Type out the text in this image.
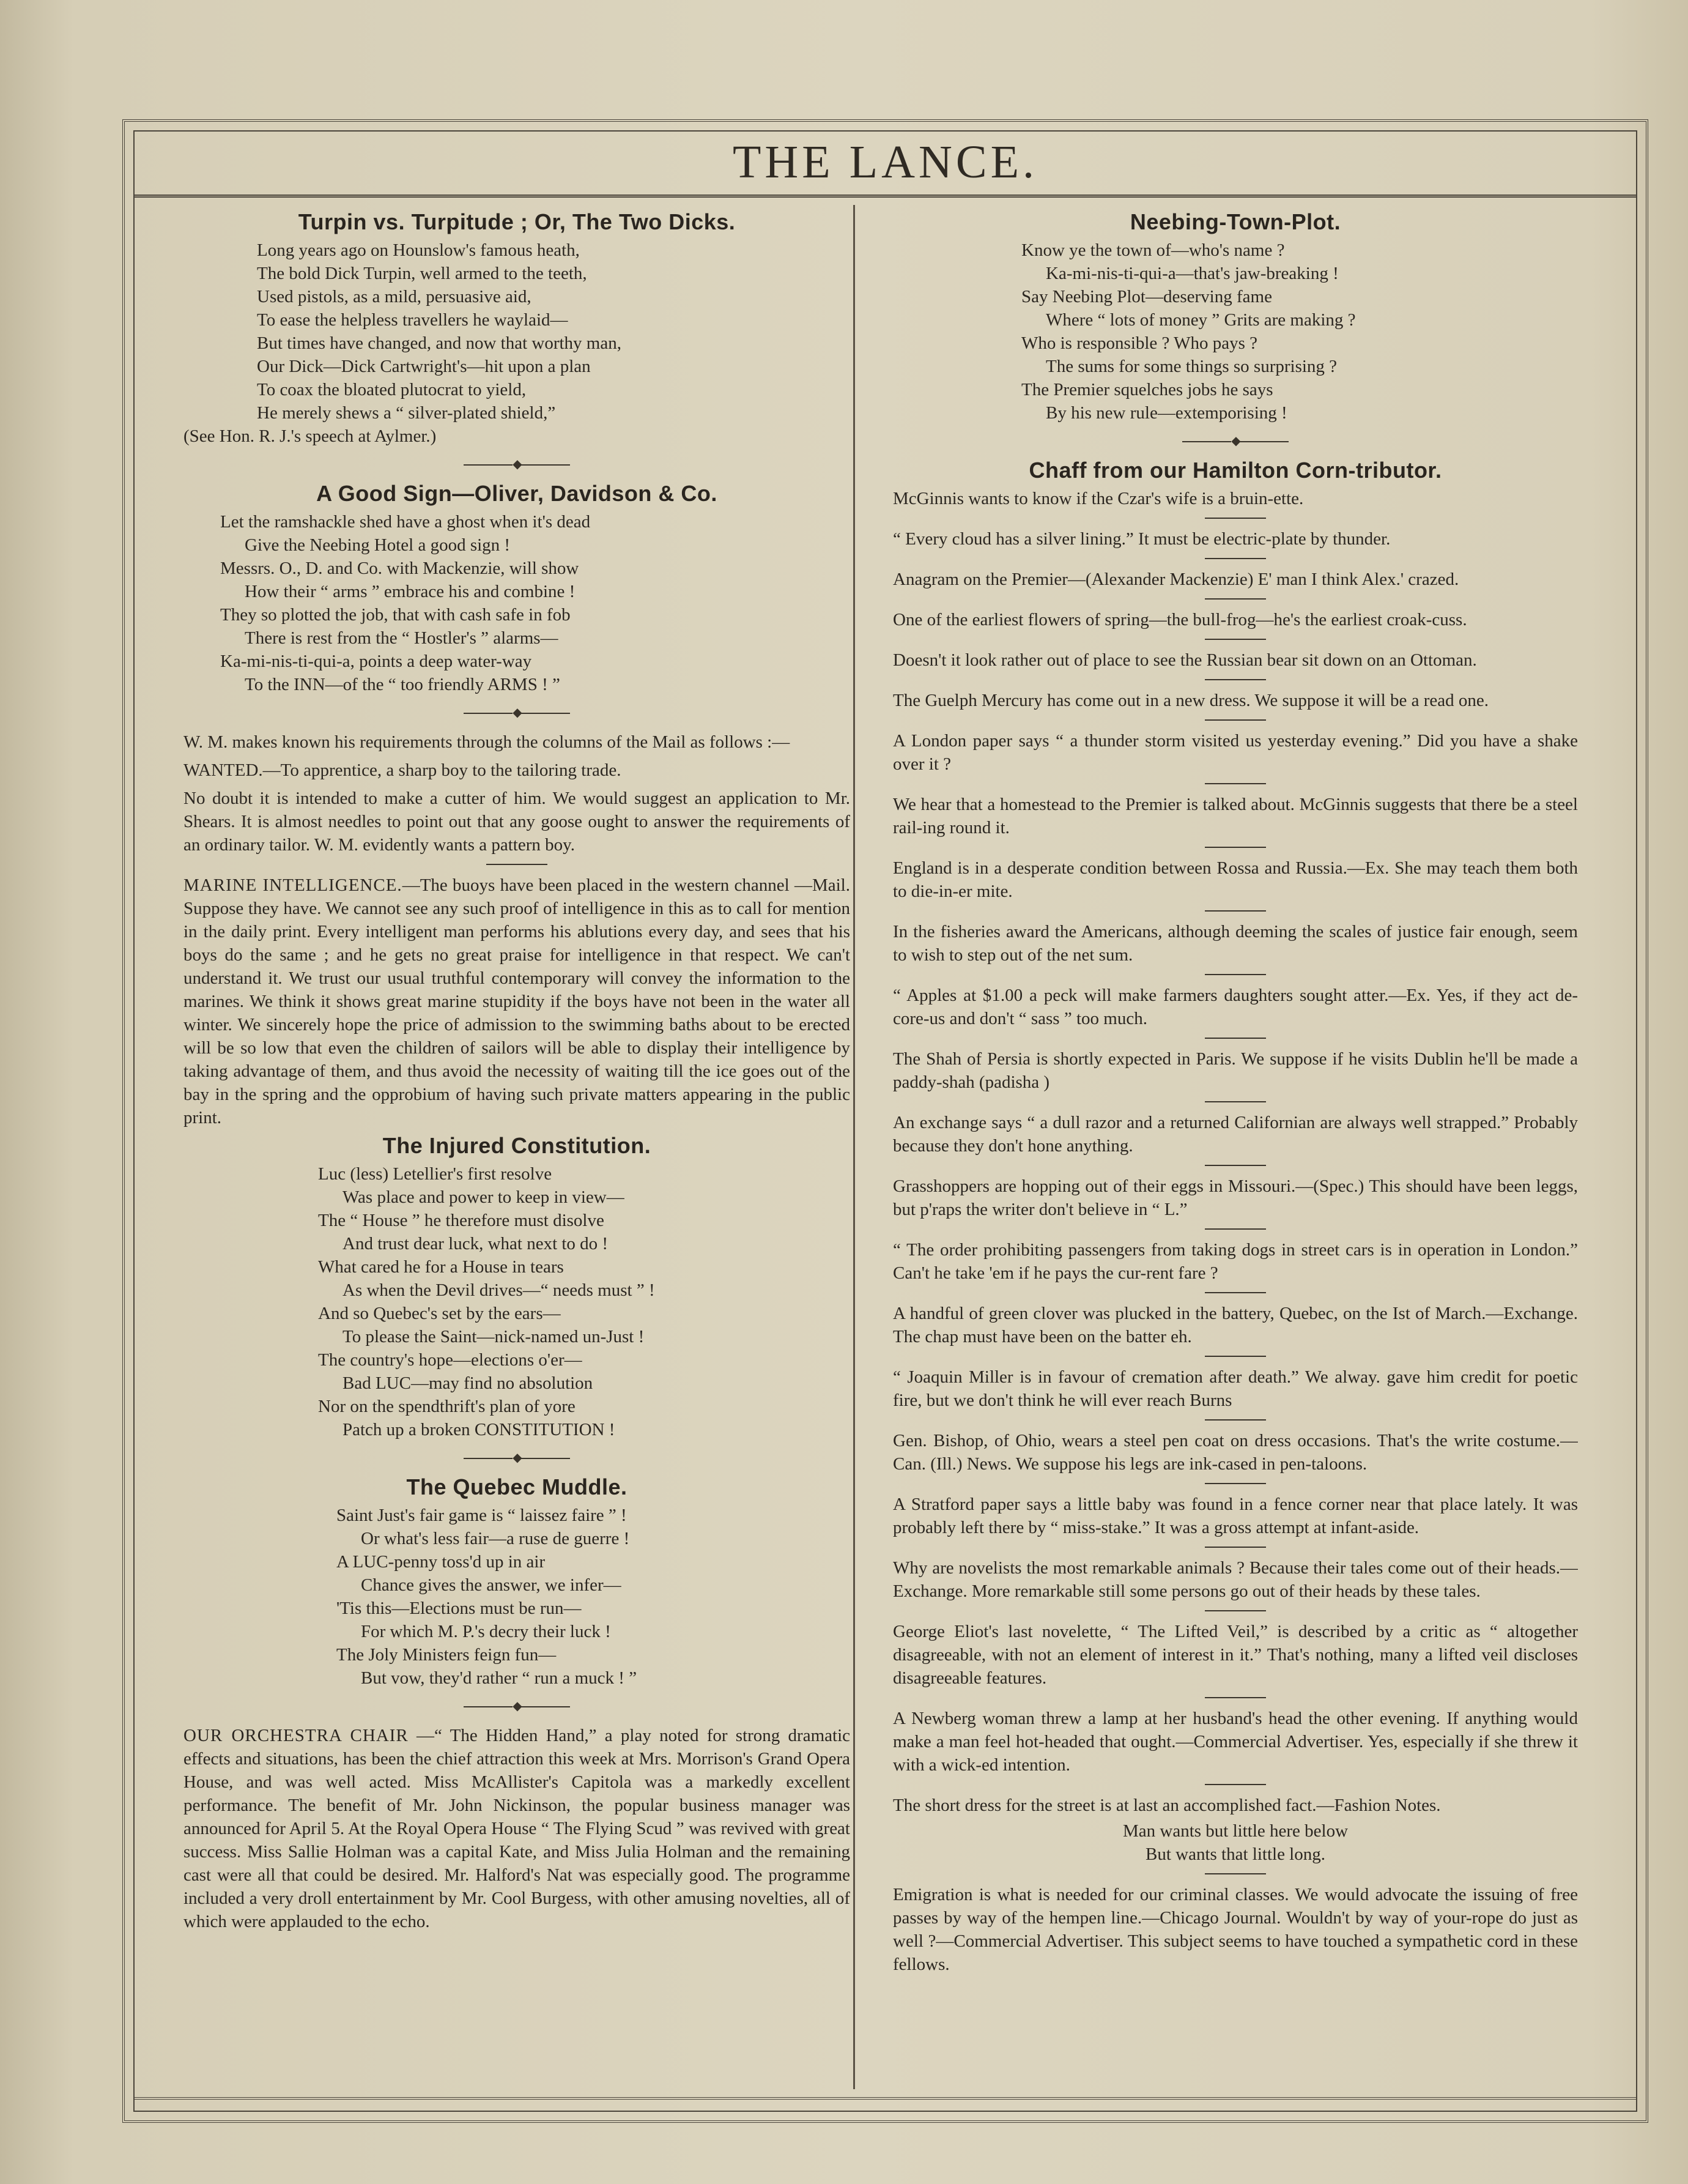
THE LANCE.
Turpin vs. Turpitude ; Or, The Two Dicks.
Long years ago on Hounslow's famous heath,
The bold Dick Turpin, well armed to the teeth,
Used pistols, as a mild, persuasive aid,
To ease the helpless travellers he waylaid—
But times have changed, and now that worthy man,
Our Dick—Dick Cartwright's—hit upon a plan
To coax the bloated plutocrat to yield,
He merely shews a “ silver-plated shield,”
(See Hon. R. J.'s speech at Aylmer.)
◆
A Good Sign—Oliver, Davidson & Co.
Let the ramshackle shed have a ghost when it's dead
Give the Neebing Hotel a good sign !
Messrs. O., D. and Co. with Mackenzie, will show
How their “ arms ” embrace his and combine !
They so plotted the job, that with cash safe in fob
There is rest from the “ Hostler's ” alarms—
Ka-mi-nis-ti-qui-a, points a deep water-way
To the INN—of the “ too friendly ARMS ! ”
◆

W. M. makes known his requirements through the columns of the Mail as follows :—

WANTED.—To apprentice, a sharp boy to the tailoring trade.

No doubt it is intended to make a cutter of him. We would suggest an application to Mr. Shears. It is almost needles to point out that any goose ought to answer the requirements of an ordinary tailor. W. M. evidently wants a pattern boy.

MARINE INTELLIGENCE.—The buoys have been placed in the western channel —Mail. Suppose they have. We cannot see any such proof of intelligence in this as to call for mention in the daily print. Every intelligent man performs his ablutions every day, and sees that his boys do the same ; and he gets no great praise for intelligence in that respect. We can't understand it. We trust our usual truthful contemporary will convey the information to the marines. We think it shows great marine stupidity if the boys have not been in the water all winter. We sincerely hope the price of admission to the swimming baths about to be erected will be so low that even the children of sailors will be able to display their intelligence by taking advantage of them, and thus avoid the necessity of waiting till the ice goes out of the bay in the spring and the opprobium of having such private matters appearing in the public print.

The Injured Constitution.
Luc (less) Letellier's first resolve
Was place and power to keep in view—
The “ House ” he therefore must disolve
And trust dear luck, what next to do !
What cared he for a House in tears
As when the Devil drives—“ needs must ” !
And so Quebec's set by the ears—
To please the Saint—nick-named un-Just !
The country's hope—elections o'er—
Bad LUC—may find no absolution
Nor on the spendthrift's plan of yore
Patch up a broken CONSTITUTION !
◆
The Quebec Muddle.
Saint Just's fair game is “ laissez faire ” !
Or what's less fair—a ruse de guerre !
A LUC-penny toss'd up in air
Chance gives the answer, we infer—
'Tis this—Elections must be run—
For which M. P.'s decry their luck !
The Joly Ministers feign fun—
But vow, they'd rather “ run a muck ! ”
◆

OUR ORCHESTRA CHAIR —“ The Hidden Hand,” a play noted for strong dramatic effects and situations, has been the chief attraction this week at Mrs. Morrison's Grand Opera House, and was well acted. Miss McAllister's Capitola was a markedly excellent performance. The benefit of Mr. John Nickinson, the popular business manager was announced for April 5. At the Royal Opera House “ The Flying Scud ” was revived with great success. Miss Sallie Holman was a capital Kate, and Miss Julia Holman and the remaining cast were all that could be desired. Mr. Halford's Nat was especially good. The programme included a very droll entertainment by Mr. Cool Burgess, with other amusing novelties, all of which were applauded to the echo.

Neebing-Town-Plot.
Know ye the town of—who's name ?
Ka-mi-nis-ti-qui-a—that's jaw-breaking !
Say Neebing Plot—deserving fame
Where “ lots of money ” Grits are making ?
Who is responsible ? Who pays ?
The sums for some things so surprising ?
The Premier squelches jobs he says
By his new rule—extemporising !
◆
Chaff from our Hamilton Corn-tributor.

McGinnis wants to know if the Czar's wife is a bruin-ette.

“ Every cloud has a silver lining.” It must be electric-plate by thunder.

Anagram on the Premier—(Alexander Mackenzie) E' man I think Alex.' crazed.

One of the earliest flowers of spring—the bull-frog—he's the earliest croak-cuss.

Doesn't it look rather out of place to see the Russian bear sit down on an Ottoman.

The Guelph Mercury has come out in a new dress. We suppose it will be a read one.

A London paper says “ a thunder storm visited us yesterday evening.” Did you have a shake over it ?

We hear that a homestead to the Premier is talked about. McGinnis suggests that there be a steel rail-ing round it.

England is in a desperate condition between Rossa and Russia.—Ex. She may teach them both to die-in-er mite.

In the fisheries award the Americans, although deeming the scales of justice fair enough, seem to wish to step out of the net sum.

“ Apples at $1.00 a peck will make farmers daughters sought atter.—Ex. Yes, if they act de-core-us and don't “ sass ” too much.

The Shah of Persia is shortly expected in Paris. We suppose if he visits Dublin he'll be made a paddy-shah (padisha )

An exchange says “ a dull razor and a returned Californian are always well strapped.” Probably because they don't hone anything.

Grasshoppers are hopping out of their eggs in Missouri.—(Spec.) This should have been leggs, but p'raps the writer don't believe in “ L.”

“ The order prohibiting passengers from taking dogs in street cars is in operation in London.” Can't he take 'em if he pays the cur-rent fare ?

A handful of green clover was plucked in the battery, Quebec, on the Ist of March.—Exchange. The chap must have been on the batter eh.

“ Joaquin Miller is in favour of cremation after death.” We alway. gave him credit for poetic fire, but we don't think he will ever reach Burns

Gen. Bishop, of Ohio, wears a steel pen coat on dress occasions. That's the write costume.—Can. (Ill.) News. We suppose his legs are ink-cased in pen-taloons.

A Stratford paper says a little baby was found in a fence corner near that place lately. It was probably left there by “ miss-stake.” It was a gross attempt at infant-aside.

Why are novelists the most remarkable animals ? Because their tales come out of their heads.—Exchange. More remarkable still some persons go out of their heads by these tales.

George Eliot's last novelette, “ The Lifted Veil,” is described by a critic as “ altogether disagreeable, with not an element of interest in it.” That's nothing, many a lifted veil discloses disagreeable features.

A Newberg woman threw a lamp at her husband's head the other evening. If anything would make a man feel hot-headed that ought.—Commercial Advertiser. Yes, especially if she threw it with a wick-ed intention.

The short dress for the street is at last an accomplished fact.—Fashion Notes.

Man wants but little here below
But wants that little long.

Emigration is what is needed for our criminal classes. We would advocate the issuing of free passes by way of the hempen line.—Chicago Journal. Wouldn't by way of your-rope do just as well ?—Commercial Advertiser. This subject seems to have touched a sympathetic cord in these fellows.
